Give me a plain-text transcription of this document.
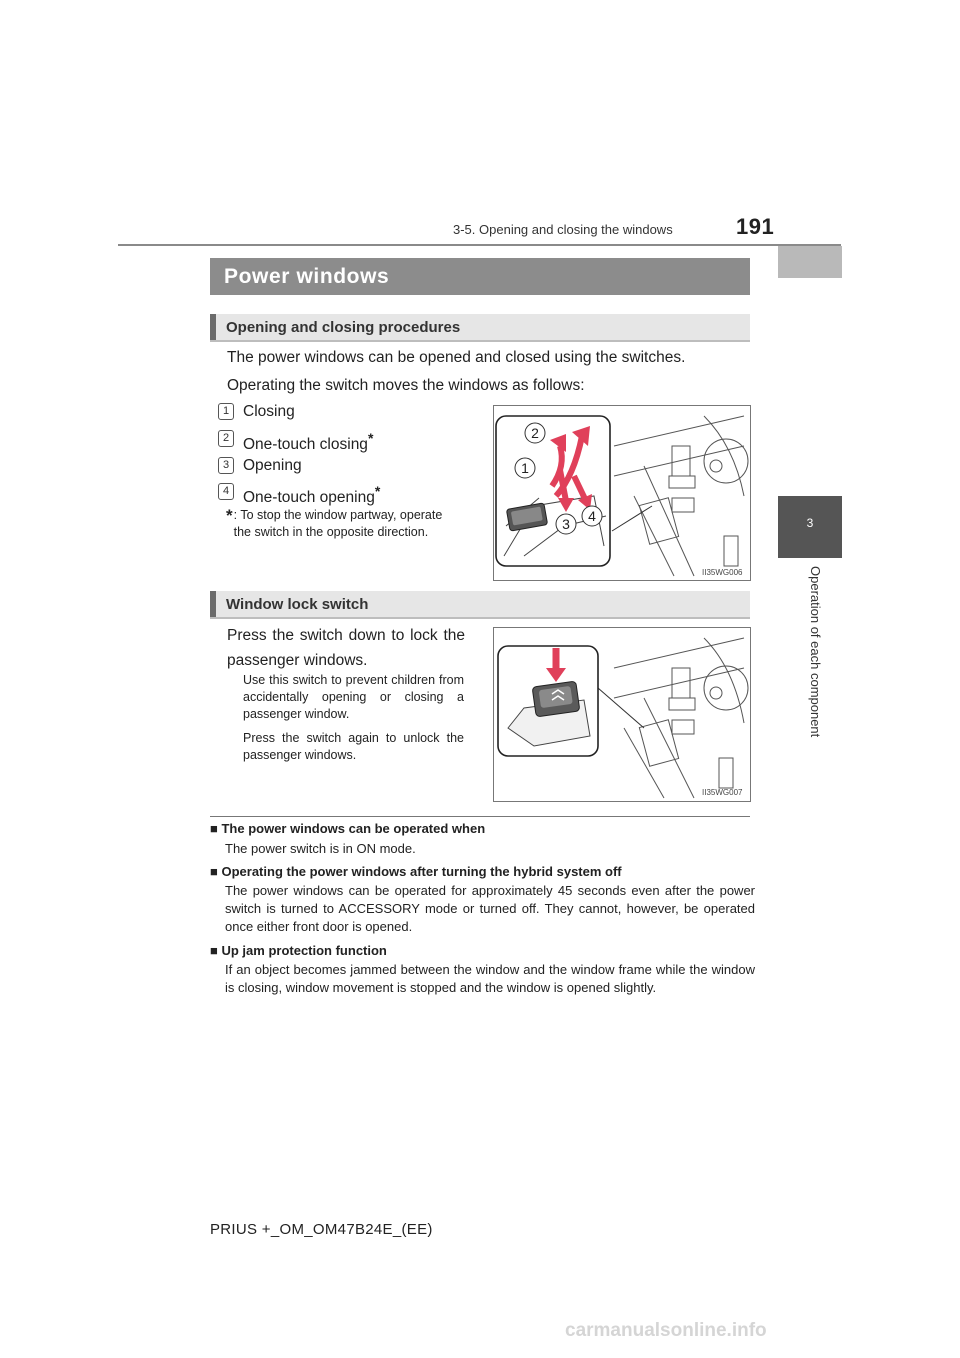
3-5. Opening and closing the windows	191
3
Operation of each component
Power windows
Opening and closing procedures
The power windows can be opened and closed using the switches.
Operating the switch moves the windows as follows:
1 Closing
2 One-touch closing*
3 Opening
4 One-touch opening*
* : To stop the window partway, operate the switch in the opposite direction.
2
1
3 4
II35WG006
Window lock switch
Press the switch down to lock the passenger windows.
Use this switch to prevent children from accidentally opening or closing a passenger window.
Press the switch again to unlock the passenger windows.
II35WG007
■ The power windows can be operated when
The power switch is in ON mode.
■ Operating the power windows after turning the hybrid system off
The power windows can be operated for approximately 45 seconds even after the power switch is turned to ACCESSORY mode or turned off. They cannot, however, be operated once either front door is opened.
■ Up jam protection function
If an object becomes jammed between the window and the window frame while the window is closing, window movement is stopped and the window is opened slightly.
PRIUS +_OM_OM47B24E_(EE)
carmanualsonline.info
